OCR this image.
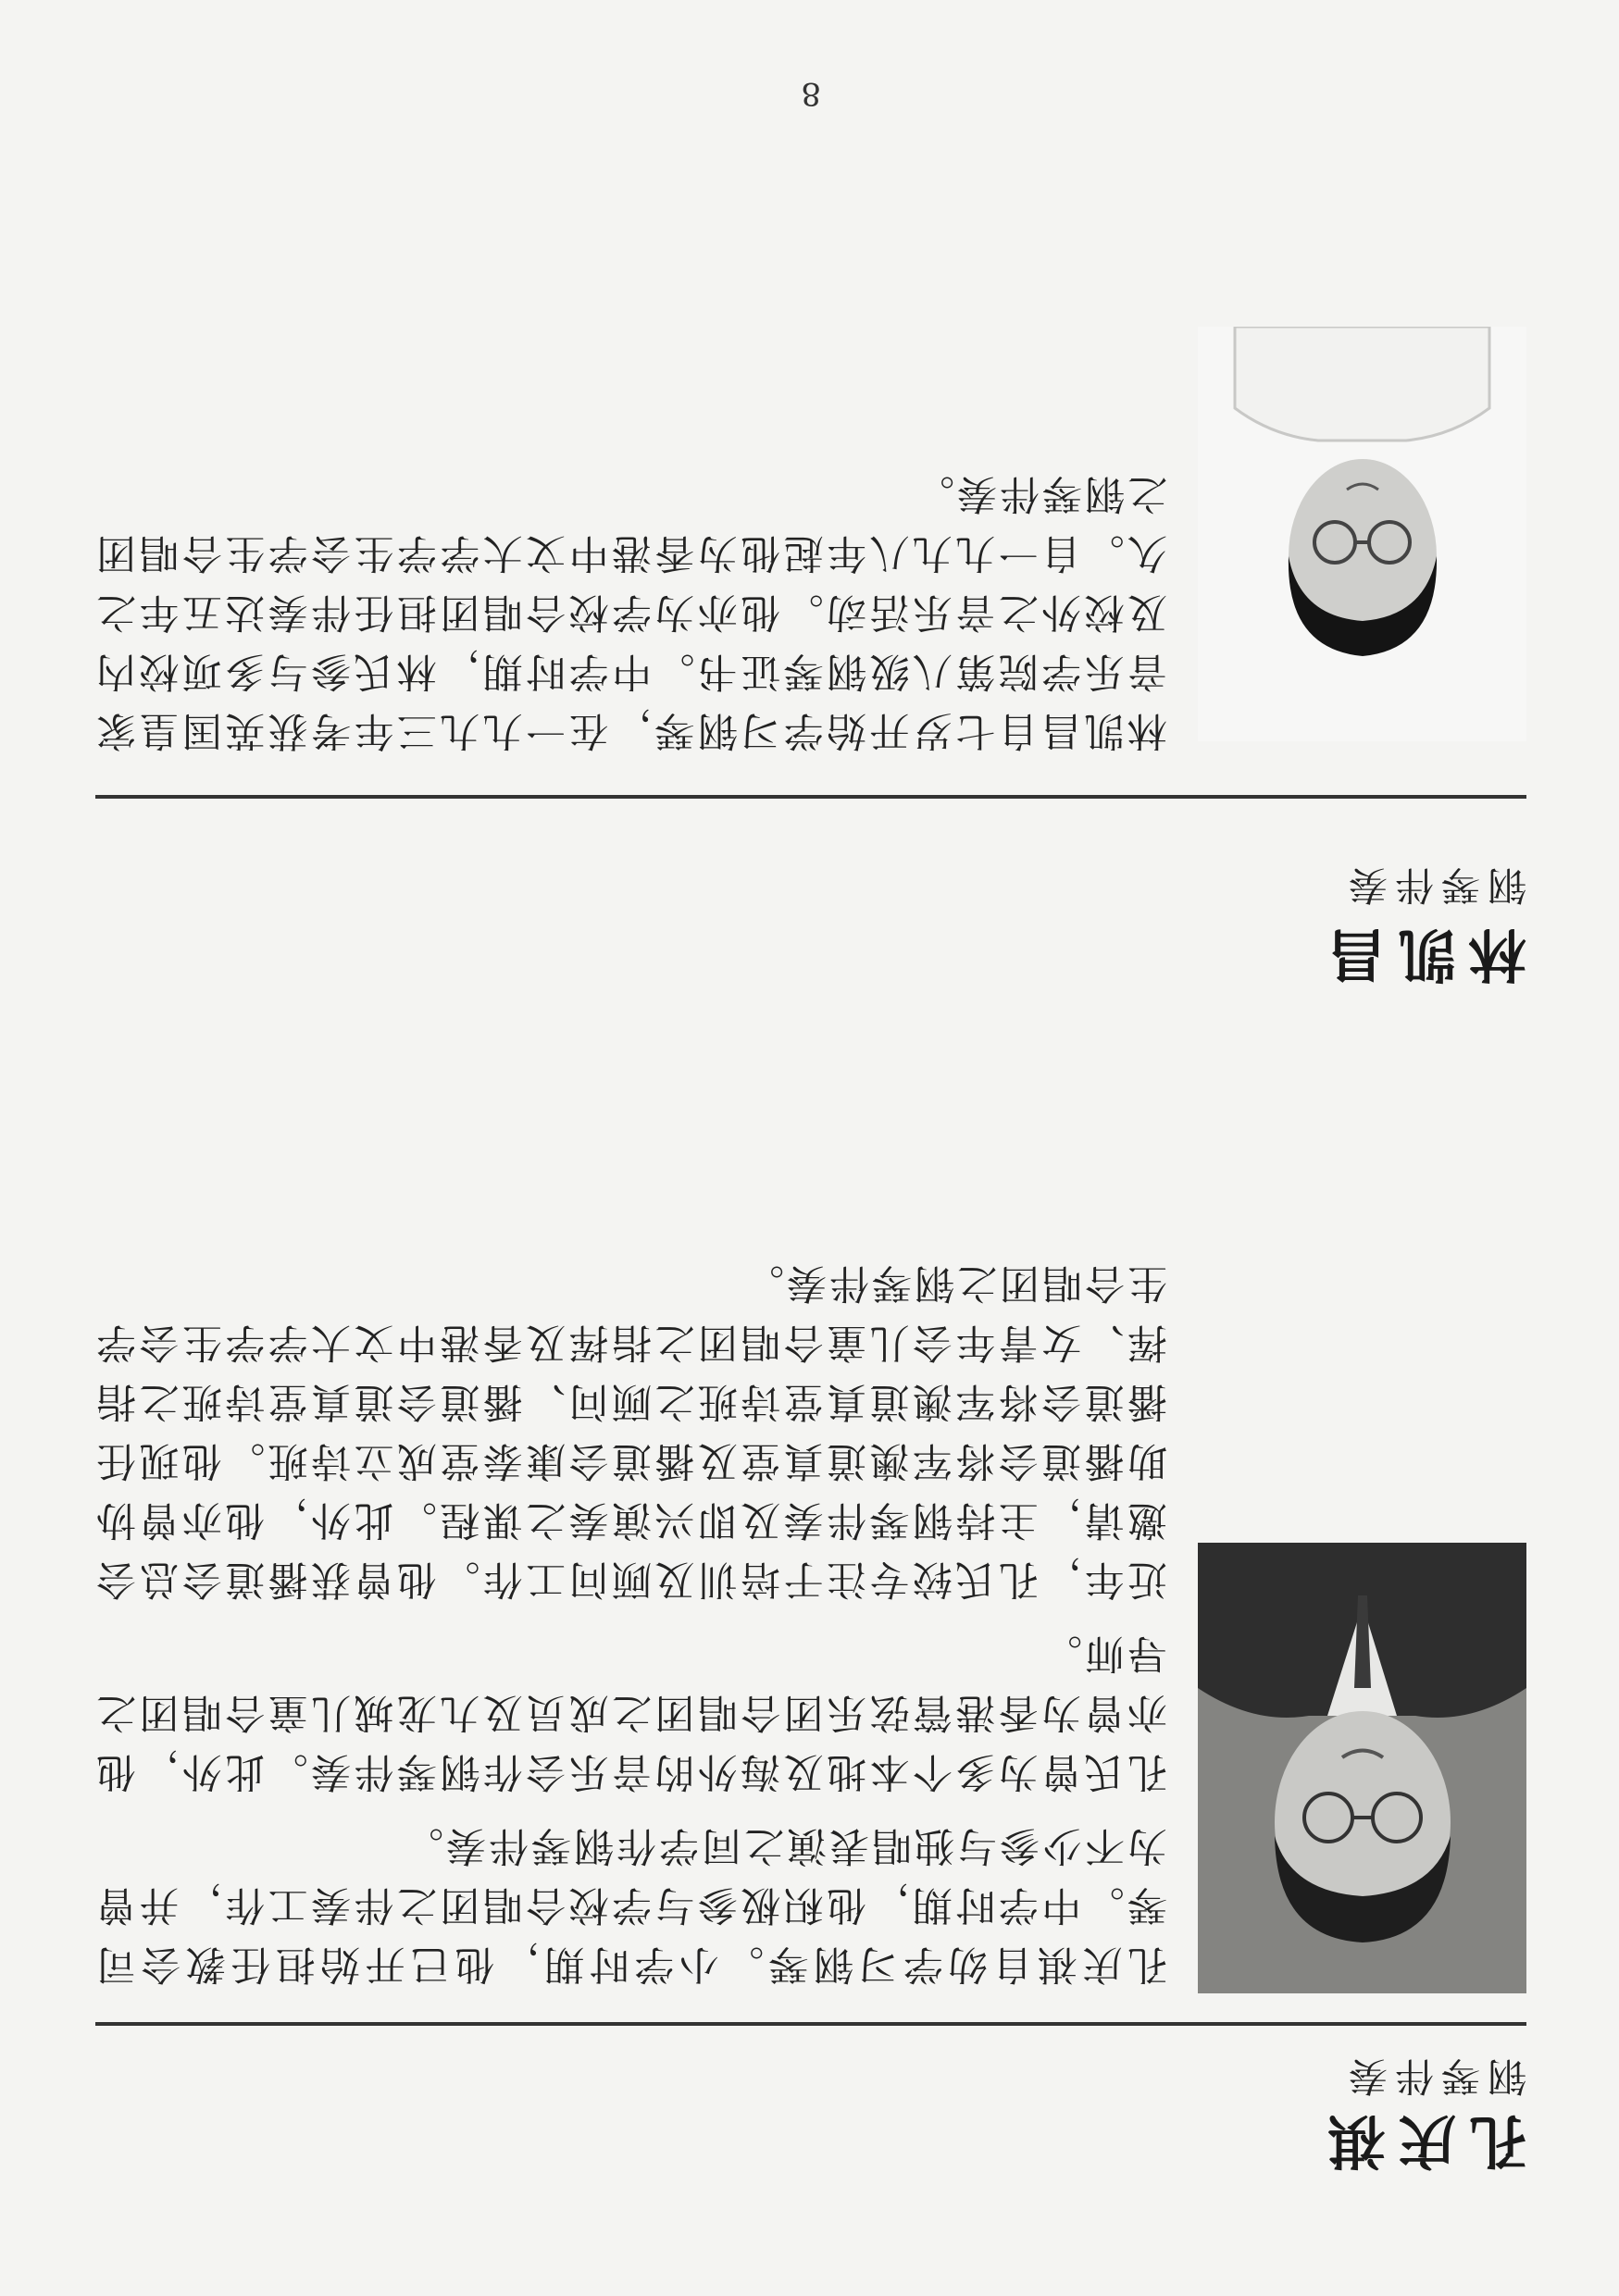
孔庆祺
钢琴伴奏

孔庆祺自幼学习钢琴。小学时期，他已开始担任教会司琴。中学时期，他积极参与学校合唱团之伴奏工作，并曾为不少参与独唱表演之同学作钢琴伴奏。

孔氏曾为多个本地及海外的音乐会作钢琴伴奏。此外，他亦曾为香港管弦乐团合唱团之成员及九龙城儿童合唱团之导师。

近年，孔氏较专注于培训及顾问工作。他曾获播道会总会邀请，主持钢琴伴奏及即兴演奏之课程。此外，他亦曾协助播道会将军澳道真堂及播道会康泰堂成立诗班。他现任播道会将军澳道真堂诗班之顾问、播道会道真堂诗班之指挥、女青年会儿童合唱团之指挥及香港中文大学学生会学生合唱团之钢琴伴奏。

林凯昌
钢琴伴奏

林凯昌自七岁开始学习钢琴，在一九九三年考获英国皇家音乐学院第八级钢琴证书。中学时期，林氏参与多项校内及校外之音乐活动。他亦为学校合唱团担任伴奏达五年之久。自一九九八年起他为香港中文大学学生会学生合唱团之钢琴伴奏。

8
